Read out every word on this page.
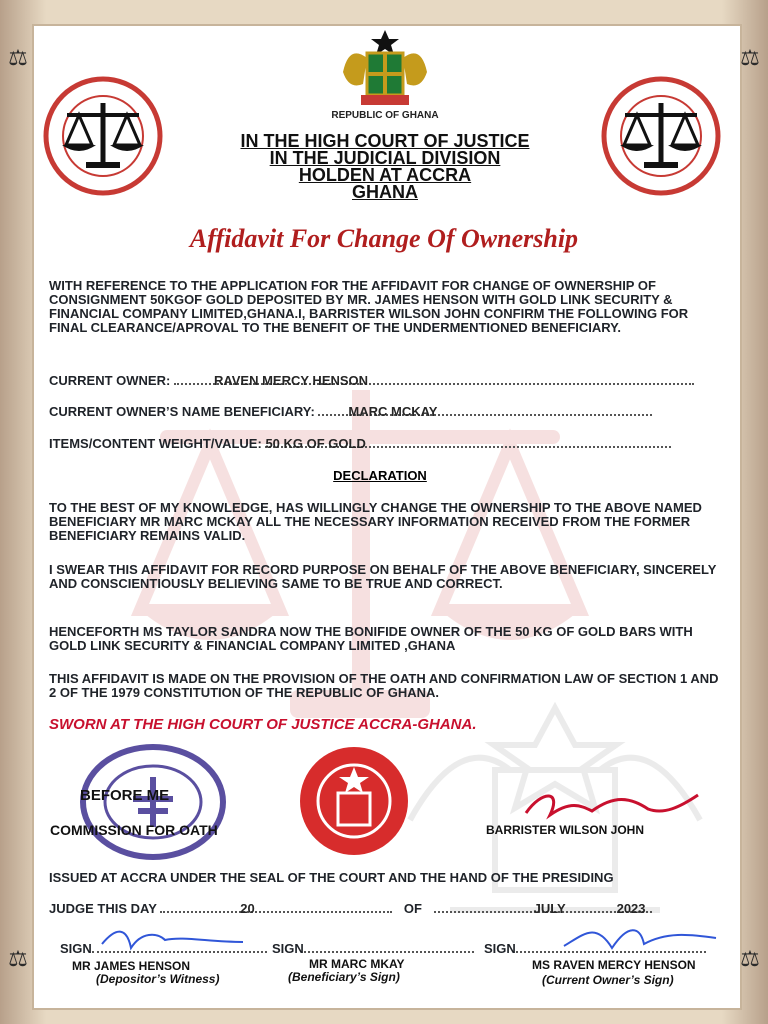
⚖	⚖
⚖	⚖
REPUBLIC OF GHANA
IN THE HIGH COURT OF JUSTICE
IN THE JUDICIAL DIVISION
HOLDEN AT ACCRA
GHANA
Affidavit For Change Of Ownership
WITH REFERENCE TO THE APPLICATION FOR THE AFFIDAVIT FOR CHANGE OF OWNERSHIP OF CONSIGNMENT 50KGOF GOLD DEPOSITED BY MR. JAMES HENSON WITH GOLD LINK SECURITY & FINANCIAL COMPANY LIMITED,GHANA.I, BARRISTER WILSON JOHN CONFIRM THE FOLLOWING FOR FINAL CLEARANCE/APROVAL TO THE BENEFIT OF THE UNDERMENTIONED BENEFICIARY.
CURRENT OWNER:	RAVEN MERCY HENSON
CURRENT OWNER’S NAME BENEFICIARY:	MARC MCKAY
ITEMS/CONTENT WEIGHT/VALUE: 50 KG OF GOLD
DECLARATION
TO THE BEST OF MY KNOWLEDGE, HAS WILLINGLY CHANGE THE OWNERSHIP TO THE ABOVE NAMED BENEFICIARY MR MARC MCKAY ALL THE NECESSARY INFORMATION RECEIVED FROM THE FORMER BENEFICIARY REMAINS VALID.
I SWEAR THIS AFFIDAVIT FOR RECORD PURPOSE ON BEHALF OF THE ABOVE BENEFICIARY, SINCERELY AND CONSCIENTIOUSLY BELIEVING SAME TO BE TRUE AND CORRECT.
HENCEFORTH MS TAYLOR SANDRA NOW THE BONIFIDE OWNER OF THE 50 KG OF GOLD BARS WITH GOLD LINK SECURITY & FINANCIAL COMPANY LIMITED ,GHANA
THIS AFFIDAVIT IS MADE ON THE PROVISION OF THE OATH AND CONFIRMATION LAW OF SECTION 1 AND 2 OF THE 1979 CONSTITUTION OF THE REPUBLIC OF GHANA.
SWORN AT THE HIGH COURT OF JUSTICE ACCRA-GHANA.
BEFORE ME
COMMISSION FOR OATH	BARRISTER WILSON JOHN
ISSUED AT ACCRA UNDER THE SEAL OF THE COURT AND THE HAND OF THE PRESIDING
JUDGE THIS DAY	20	OF	JULY	2023
SIGN	SIGN	SIGN
MR JAMES HENSON
(Depositor’s Witness)
MR MARC MKAY
(Beneficiary’s Sign)
MS RAVEN MERCY HENSON
(Current Owner’s Sign)
